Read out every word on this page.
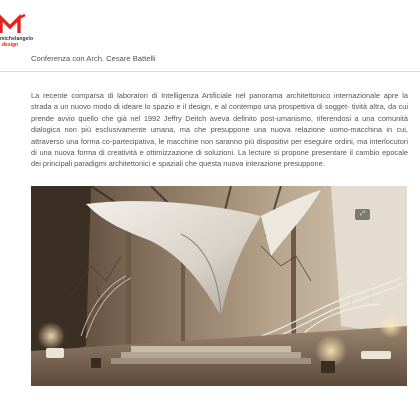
michelangelo
design
Conferenza con Arch. Cesare Battelli

La recente comparsa di laboratori di Intelligenza Artificiale nel panorama architettonico internazionale apre la strada a un nuovo modo di ideare lo spazio e il design, e al contempo una prospettiva di sogget- tività altra, da cui prende avvio quello che già nel 1992 Jeffry Deitch aveva definito post-umanismo, riferendosi a una comunità dialogica non più esclusivamente umana, ma che presuppone una nuova relazione uomo-macchina in cui, attraverso una forma co-partecipativa, le macchine non saranno più dispositivi per eseguire ordini, ma interlocutori di una nuova forma di creatività e ottimizzazione di soluzioni. La lecture si propone presentare il cambio epocale dei principali paradigmi architettonici e spaziali che questa nuova interazione presuppone.

⤢
